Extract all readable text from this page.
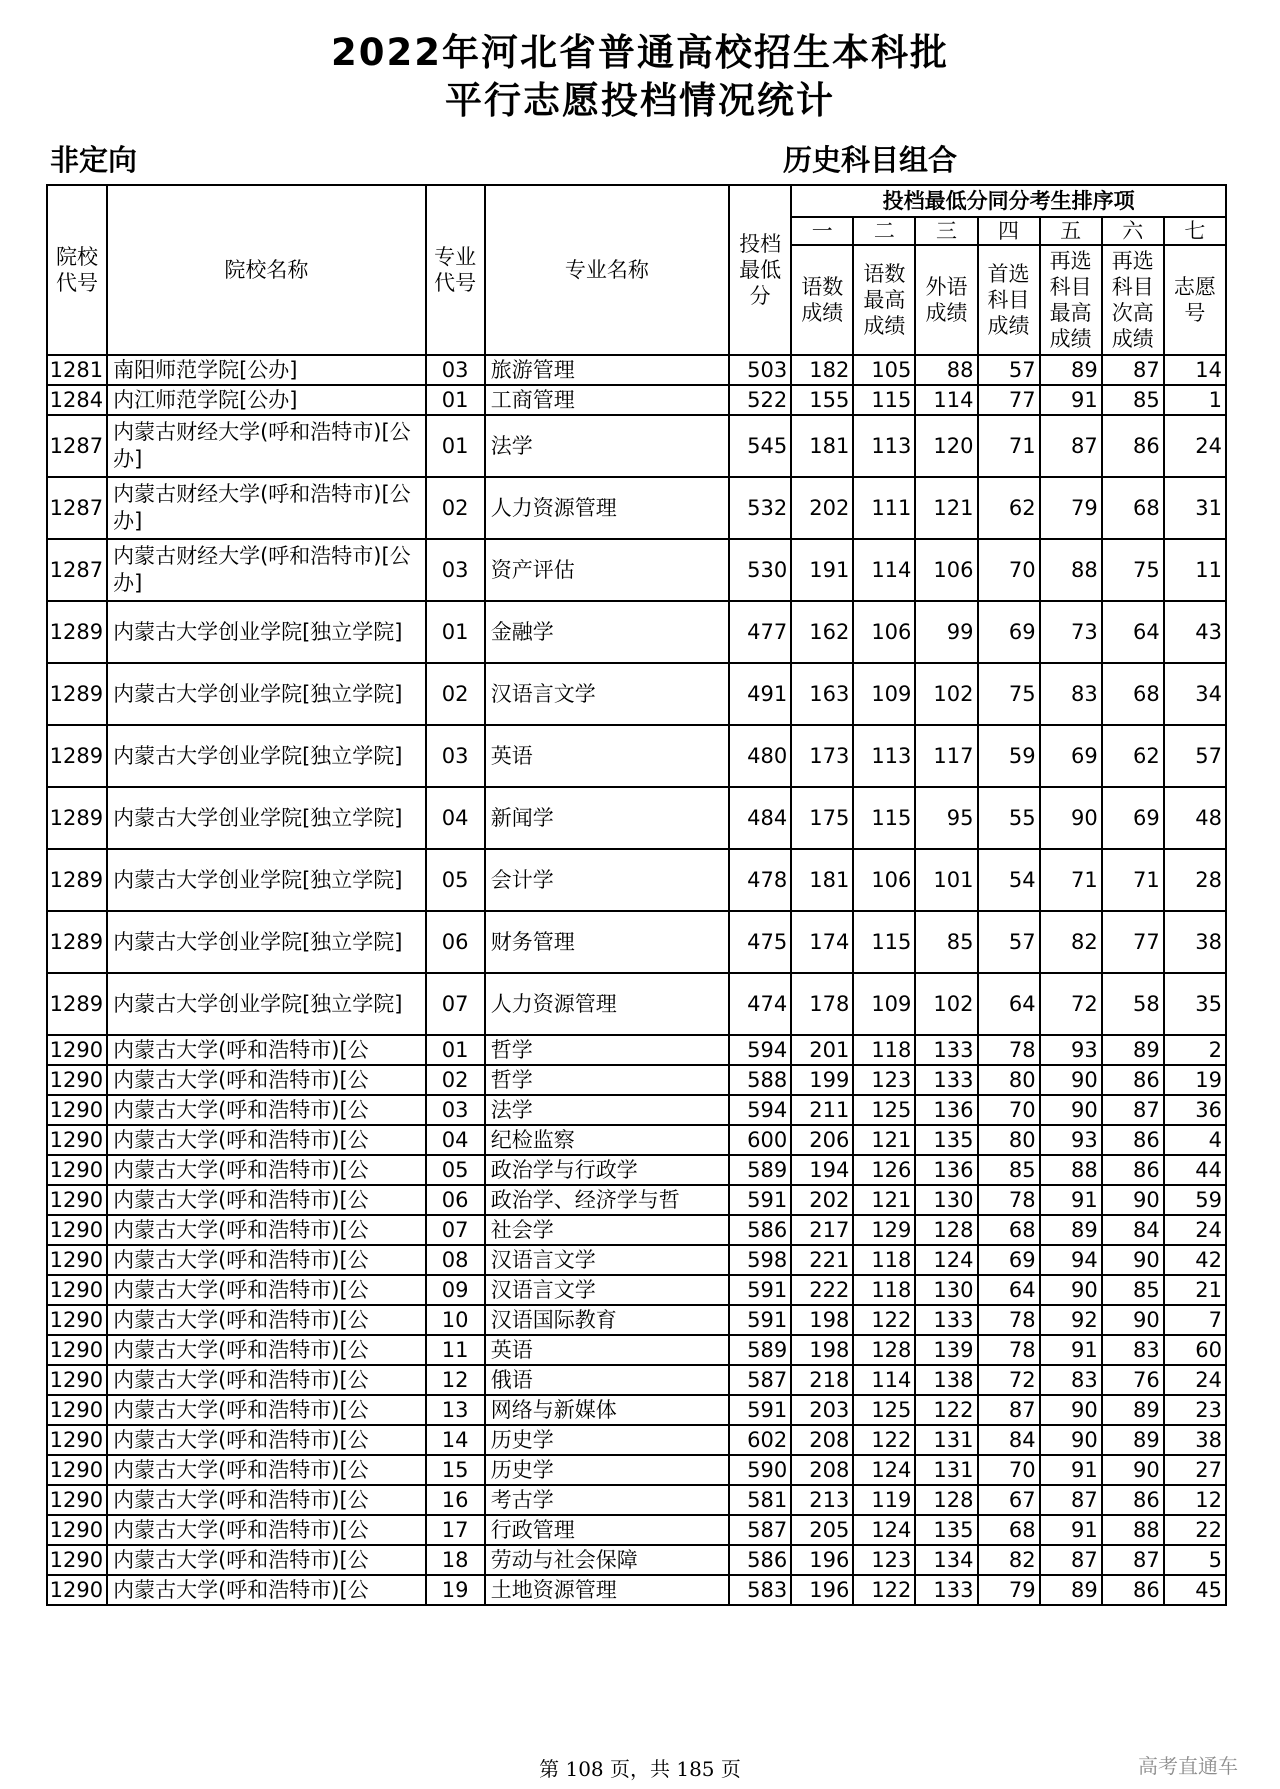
2022年河北省普通高校招生本科批
平行志愿投档情况统计
非定向	历史科目组合
院校代号	院校名称	专业代号	专业名称	投档最低分	投档最低分同分考生排序项						
					一	二	三	四	五	六	七
					语数成绩	语数最高成绩	外语成绩	首选科目成绩	再选科目最高成绩	再选科目次高成绩	志愿号
1281	南阳师范学院[公办]	03	旅游管理	503	182	105	88	57	89	87	14
1284	内江师范学院[公办]	01	工商管理	522	155	115	114	77	91	85	1
1287	内蒙古财经大学(呼和浩特市)[公办]	01	法学	545	181	113	120	71	87	86	24
1287	内蒙古财经大学(呼和浩特市)[公办]	02	人力资源管理	532	202	111	121	62	79	68	31
1287	内蒙古财经大学(呼和浩特市)[公办]	03	资产评估	530	191	114	106	70	88	75	11
1289	内蒙古大学创业学院[独立学院]	01	金融学	477	162	106	99	69	73	64	43
1289	内蒙古大学创业学院[独立学院]	02	汉语言文学	491	163	109	102	75	83	68	34
1289	内蒙古大学创业学院[独立学院]	03	英语	480	173	113	117	59	69	62	57
1289	内蒙古大学创业学院[独立学院]	04	新闻学	484	175	115	95	55	90	69	48
1289	内蒙古大学创业学院[独立学院]	05	会计学	478	181	106	101	54	71	71	28
1289	内蒙古大学创业学院[独立学院]	06	财务管理	475	174	115	85	57	82	77	38
1289	内蒙古大学创业学院[独立学院]	07	人力资源管理	474	178	109	102	64	72	58	35
1290	内蒙古大学(呼和浩特市)[公	01	哲学	594	201	118	133	78	93	89	2
1290	内蒙古大学(呼和浩特市)[公	02	哲学	588	199	123	133	80	90	86	19
1290	内蒙古大学(呼和浩特市)[公	03	法学	594	211	125	136	70	90	87	36
1290	内蒙古大学(呼和浩特市)[公	04	纪检监察	600	206	121	135	80	93	86	4
1290	内蒙古大学(呼和浩特市)[公	05	政治学与行政学	589	194	126	136	85	88	86	44
1290	内蒙古大学(呼和浩特市)[公	06	政治学、经济学与哲	591	202	121	130	78	91	90	59
1290	内蒙古大学(呼和浩特市)[公	07	社会学	586	217	129	128	68	89	84	24
1290	内蒙古大学(呼和浩特市)[公	08	汉语言文学	598	221	118	124	69	94	90	42
1290	内蒙古大学(呼和浩特市)[公	09	汉语言文学	591	222	118	130	64	90	85	21
1290	内蒙古大学(呼和浩特市)[公	10	汉语国际教育	591	198	122	133	78	92	90	7
1290	内蒙古大学(呼和浩特市)[公	11	英语	589	198	128	139	78	91	83	60
1290	内蒙古大学(呼和浩特市)[公	12	俄语	587	218	114	138	72	83	76	24
1290	内蒙古大学(呼和浩特市)[公	13	网络与新媒体	591	203	125	122	87	90	89	23
1290	内蒙古大学(呼和浩特市)[公	14	历史学	602	208	122	131	84	90	89	38
1290	内蒙古大学(呼和浩特市)[公	15	历史学	590	208	124	131	70	91	90	27
1290	内蒙古大学(呼和浩特市)[公	16	考古学	581	213	119	128	67	87	86	12
1290	内蒙古大学(呼和浩特市)[公	17	行政管理	587	205	124	135	68	91	88	22
1290	内蒙古大学(呼和浩特市)[公	18	劳动与社会保障	586	196	123	134	82	87	87	5
1290	内蒙古大学(呼和浩特市)[公	19	土地资源管理	583	196	122	133	79	89	86	45
第 108 页，共 185 页	高考直通车
